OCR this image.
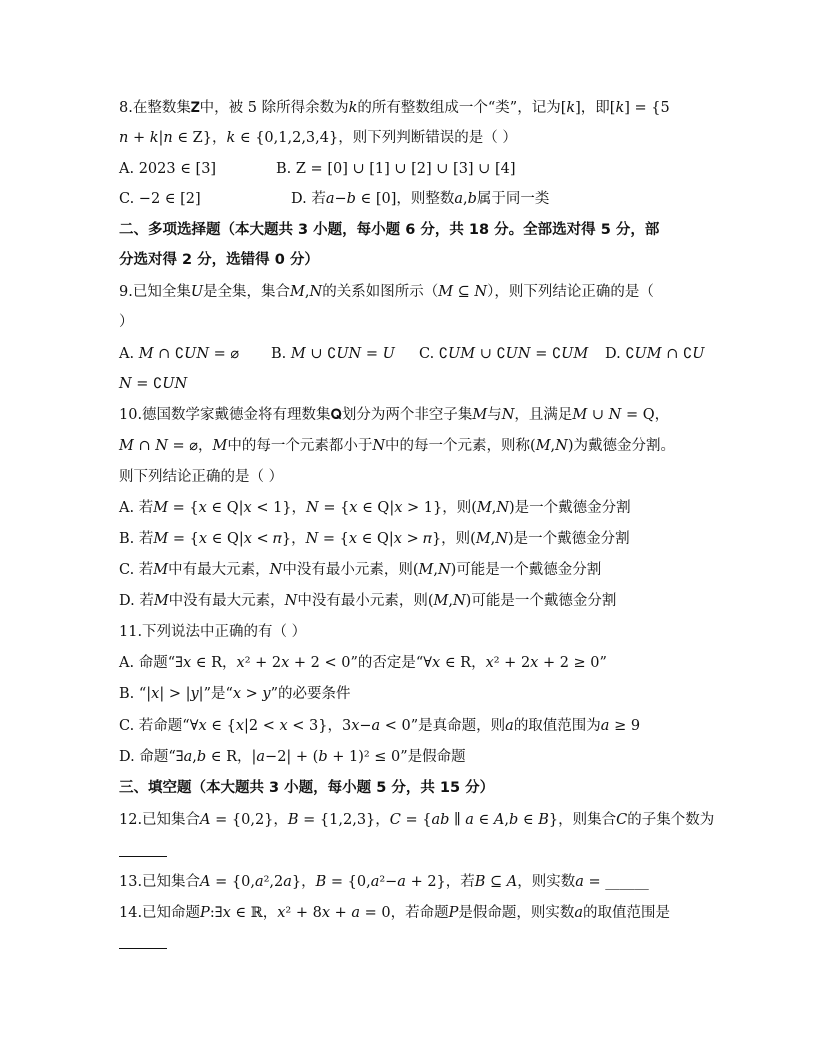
8.在整数集𝐙中，被 5 除所得余数为𝑘的所有整数组成一个“类”，记为[𝑘]，即[𝑘] = {5
𝑛 + 𝑘|𝑛 ∈ Z}，𝑘 ∈ {0,1,2,3,4}，则下列判断错误的是（ ）
A. 2023 ∈ [3]	B. Z = [0] ∪ [1] ∪ [2] ∪ [3] ∪ [4]
C. −2 ∈ [2]	D. 若𝑎−𝑏 ∈ [0]，则整数𝑎,𝑏属于同一类
二、多项选择题（本大题共 3 小题，每小题 6 分，共 18 分。全部选对得 5 分，部
分选对得 2 分，选错得 0 分）
9.已知全集𝑈是全集，集合𝑀,𝑁的关系如图所示（𝑀 ⊆ 𝑁），则下列结论正确的是（
）
A. 𝑀 ∩ ∁𝑈𝑁 = ⌀ B. 𝑀 ∪ ∁𝑈𝑁 = 𝑈 C. ∁𝑈𝑀 ∪ ∁𝑈𝑁 = ∁𝑈𝑀 D. ∁𝑈𝑀 ∩ ∁𝑈
𝑁 = ∁𝑈𝑁
10.德国数学家戴德金将有理数集𝐐划分为两个非空子集𝑀与𝑁，且满足𝑀 ∪ 𝑁 = Q，
𝑀 ∩ 𝑁 = ⌀，𝑀中的每一个元素都小于𝑁中的每一个元素，则称(𝑀,𝑁)为戴德金分割。
则下列结论正确的是（ ）
A. 若𝑀 = {𝑥 ∈ Q|𝑥 < 1}，𝑁 = {𝑥 ∈ Q|𝑥 > 1}，则(𝑀,𝑁)是一个戴德金分割
B. 若𝑀 = {𝑥 ∈ Q|𝑥 < 𝜋}，𝑁 = {𝑥 ∈ Q|𝑥 > 𝜋}，则(𝑀,𝑁)是一个戴德金分割
C. 若𝑀中有最大元素，𝑁中没有最小元素，则(𝑀,𝑁)可能是一个戴德金分割
D. 若𝑀中没有最大元素，𝑁中没有最小元素，则(𝑀,𝑁)可能是一个戴德金分割
11.下列说法中正确的有（ ）
A. 命题“∃𝑥 ∈ R，𝑥² + 2𝑥 + 2 < 0”的否定是“∀𝑥 ∈ R，𝑥² + 2𝑥 + 2 ≥ 0”
B. “|𝑥| > |𝑦|”是“𝑥 > 𝑦”的必要条件
C. 若命题“∀𝑥 ∈ {𝑥|2 < 𝑥 < 3}，3𝑥−𝑎 < 0”是真命题，则𝑎的取值范围为𝑎 ≥ 9
D. 命题“∃𝑎,𝑏 ∈ R，|𝑎−2| + (𝑏 + 1)² ≤ 0”是假命题
三、填空题（本大题共 3 小题，每小题 5 分，共 15 分）
12.已知集合𝐴 = {0,2}，𝐵 = {1,2,3}，𝐶 = {𝑎𝑏 ∥ 𝑎 ∈ 𝐴,𝑏 ∈ 𝐵}，则集合𝐶的子集个数为
13.已知集合𝐴 = {0,𝑎²,2𝑎}，𝐵 = {0,𝑎²−𝑎 + 2}，若𝐵 ⊆ 𝐴，则实数𝑎 = ______
14.已知命题𝑃:∃𝑥 ∈ ℝ，𝑥² + 8𝑥 + 𝑎 = 0，若命题𝑃是假命题，则实数𝑎的取值范围是
